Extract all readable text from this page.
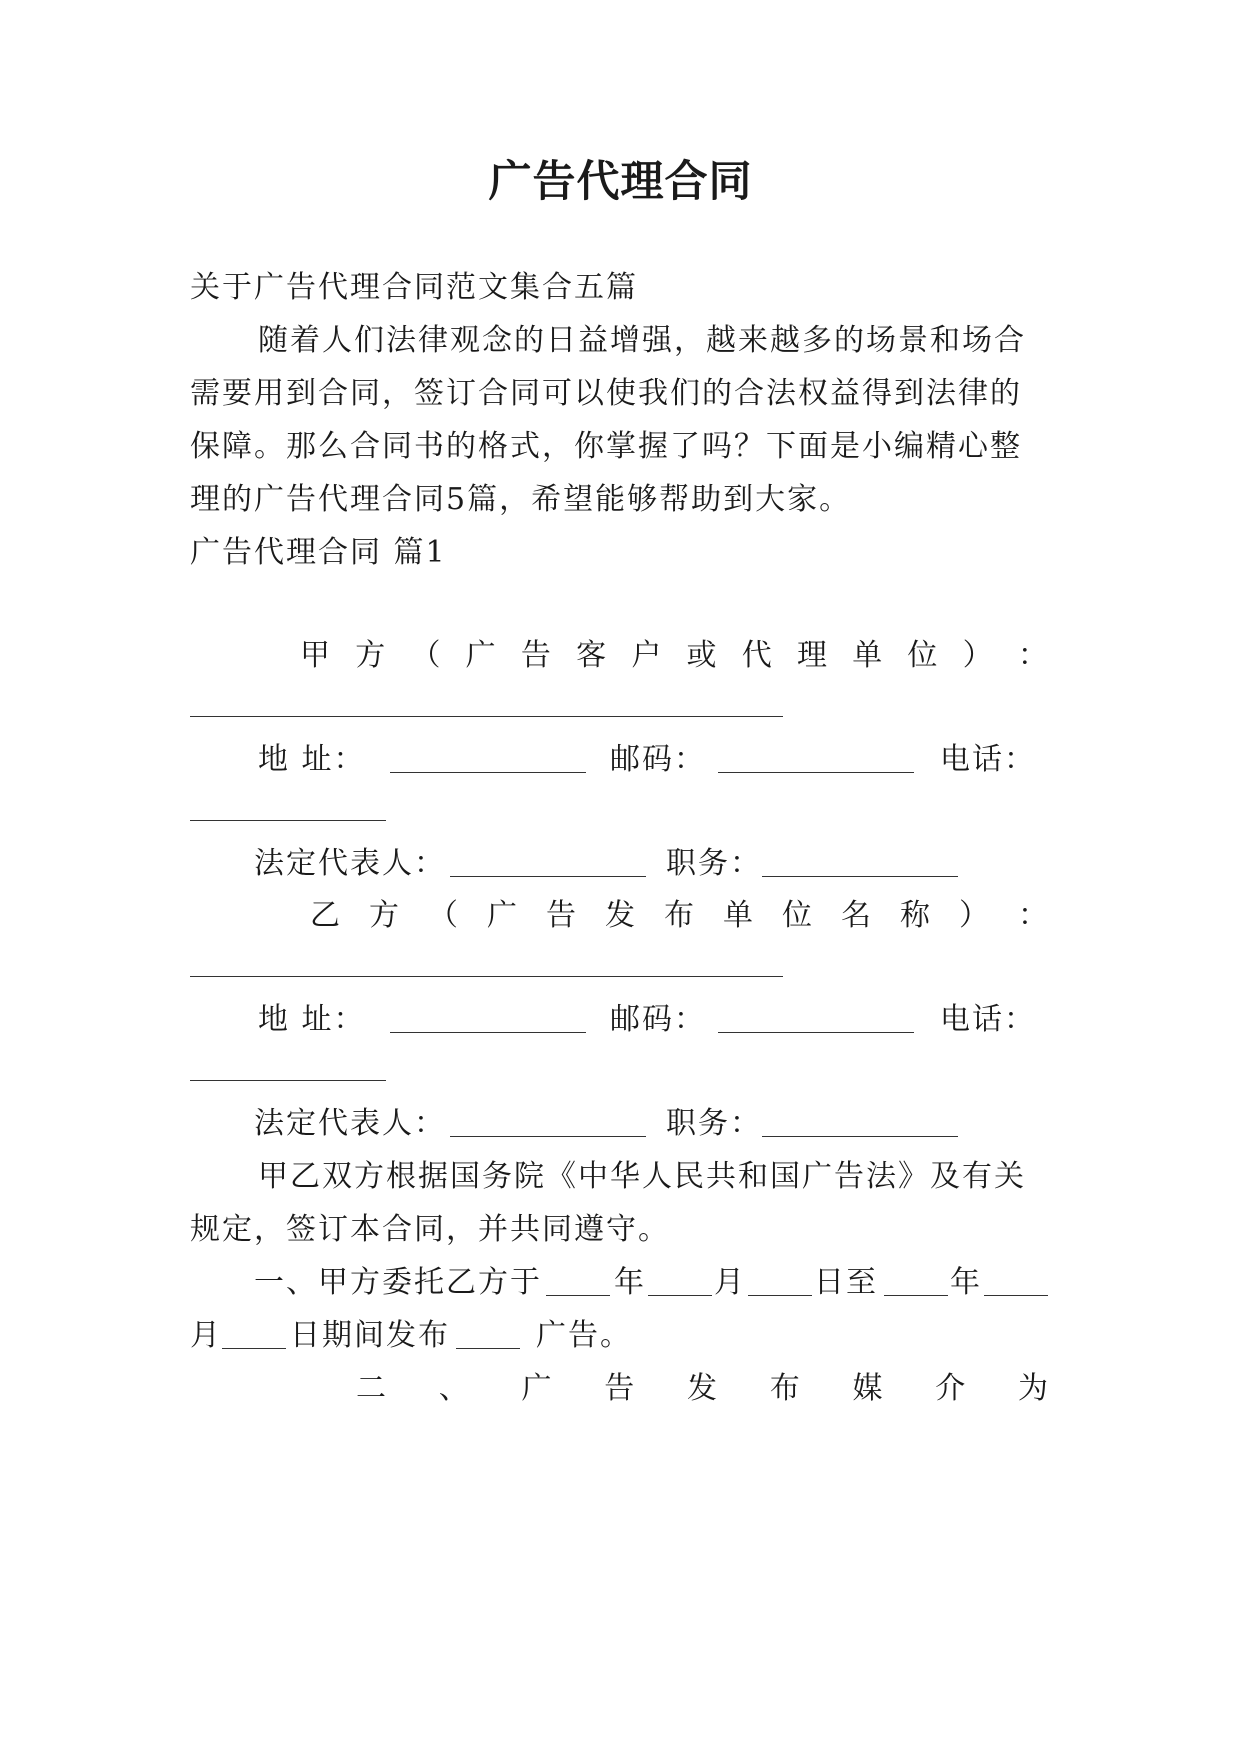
广告代理合同
关于广告代理合同范文集合五篇
随着人们法律观念的日益增强，越来越多的场景和场合
需要用到合同，签订合同可以使我们的合法权益得到法律的
保障。那么合同书的格式，你掌握了吗？下面是小编精心整
理的广告代理合同5篇，希望能够帮助到大家。
广告代理合同 篇1
甲 方 （ 广 告 客 户 或 代 理 单 位 ） ：
地 址：	邮码：	电话：
法定代表人：	职务：
乙 方 （ 广 告 发 布 单 位 名 称 ） ：
地 址：	邮码：	电话：
法定代表人：	职务：
甲乙双方根据国务院《中华人民共和国广告法》及有关
规定，签订本合同，并共同遵守。
一、甲方委托乙方于 年 月 日至 年
月 日期间发布	广告。
二 、 广 告 发 布 媒 介 为
